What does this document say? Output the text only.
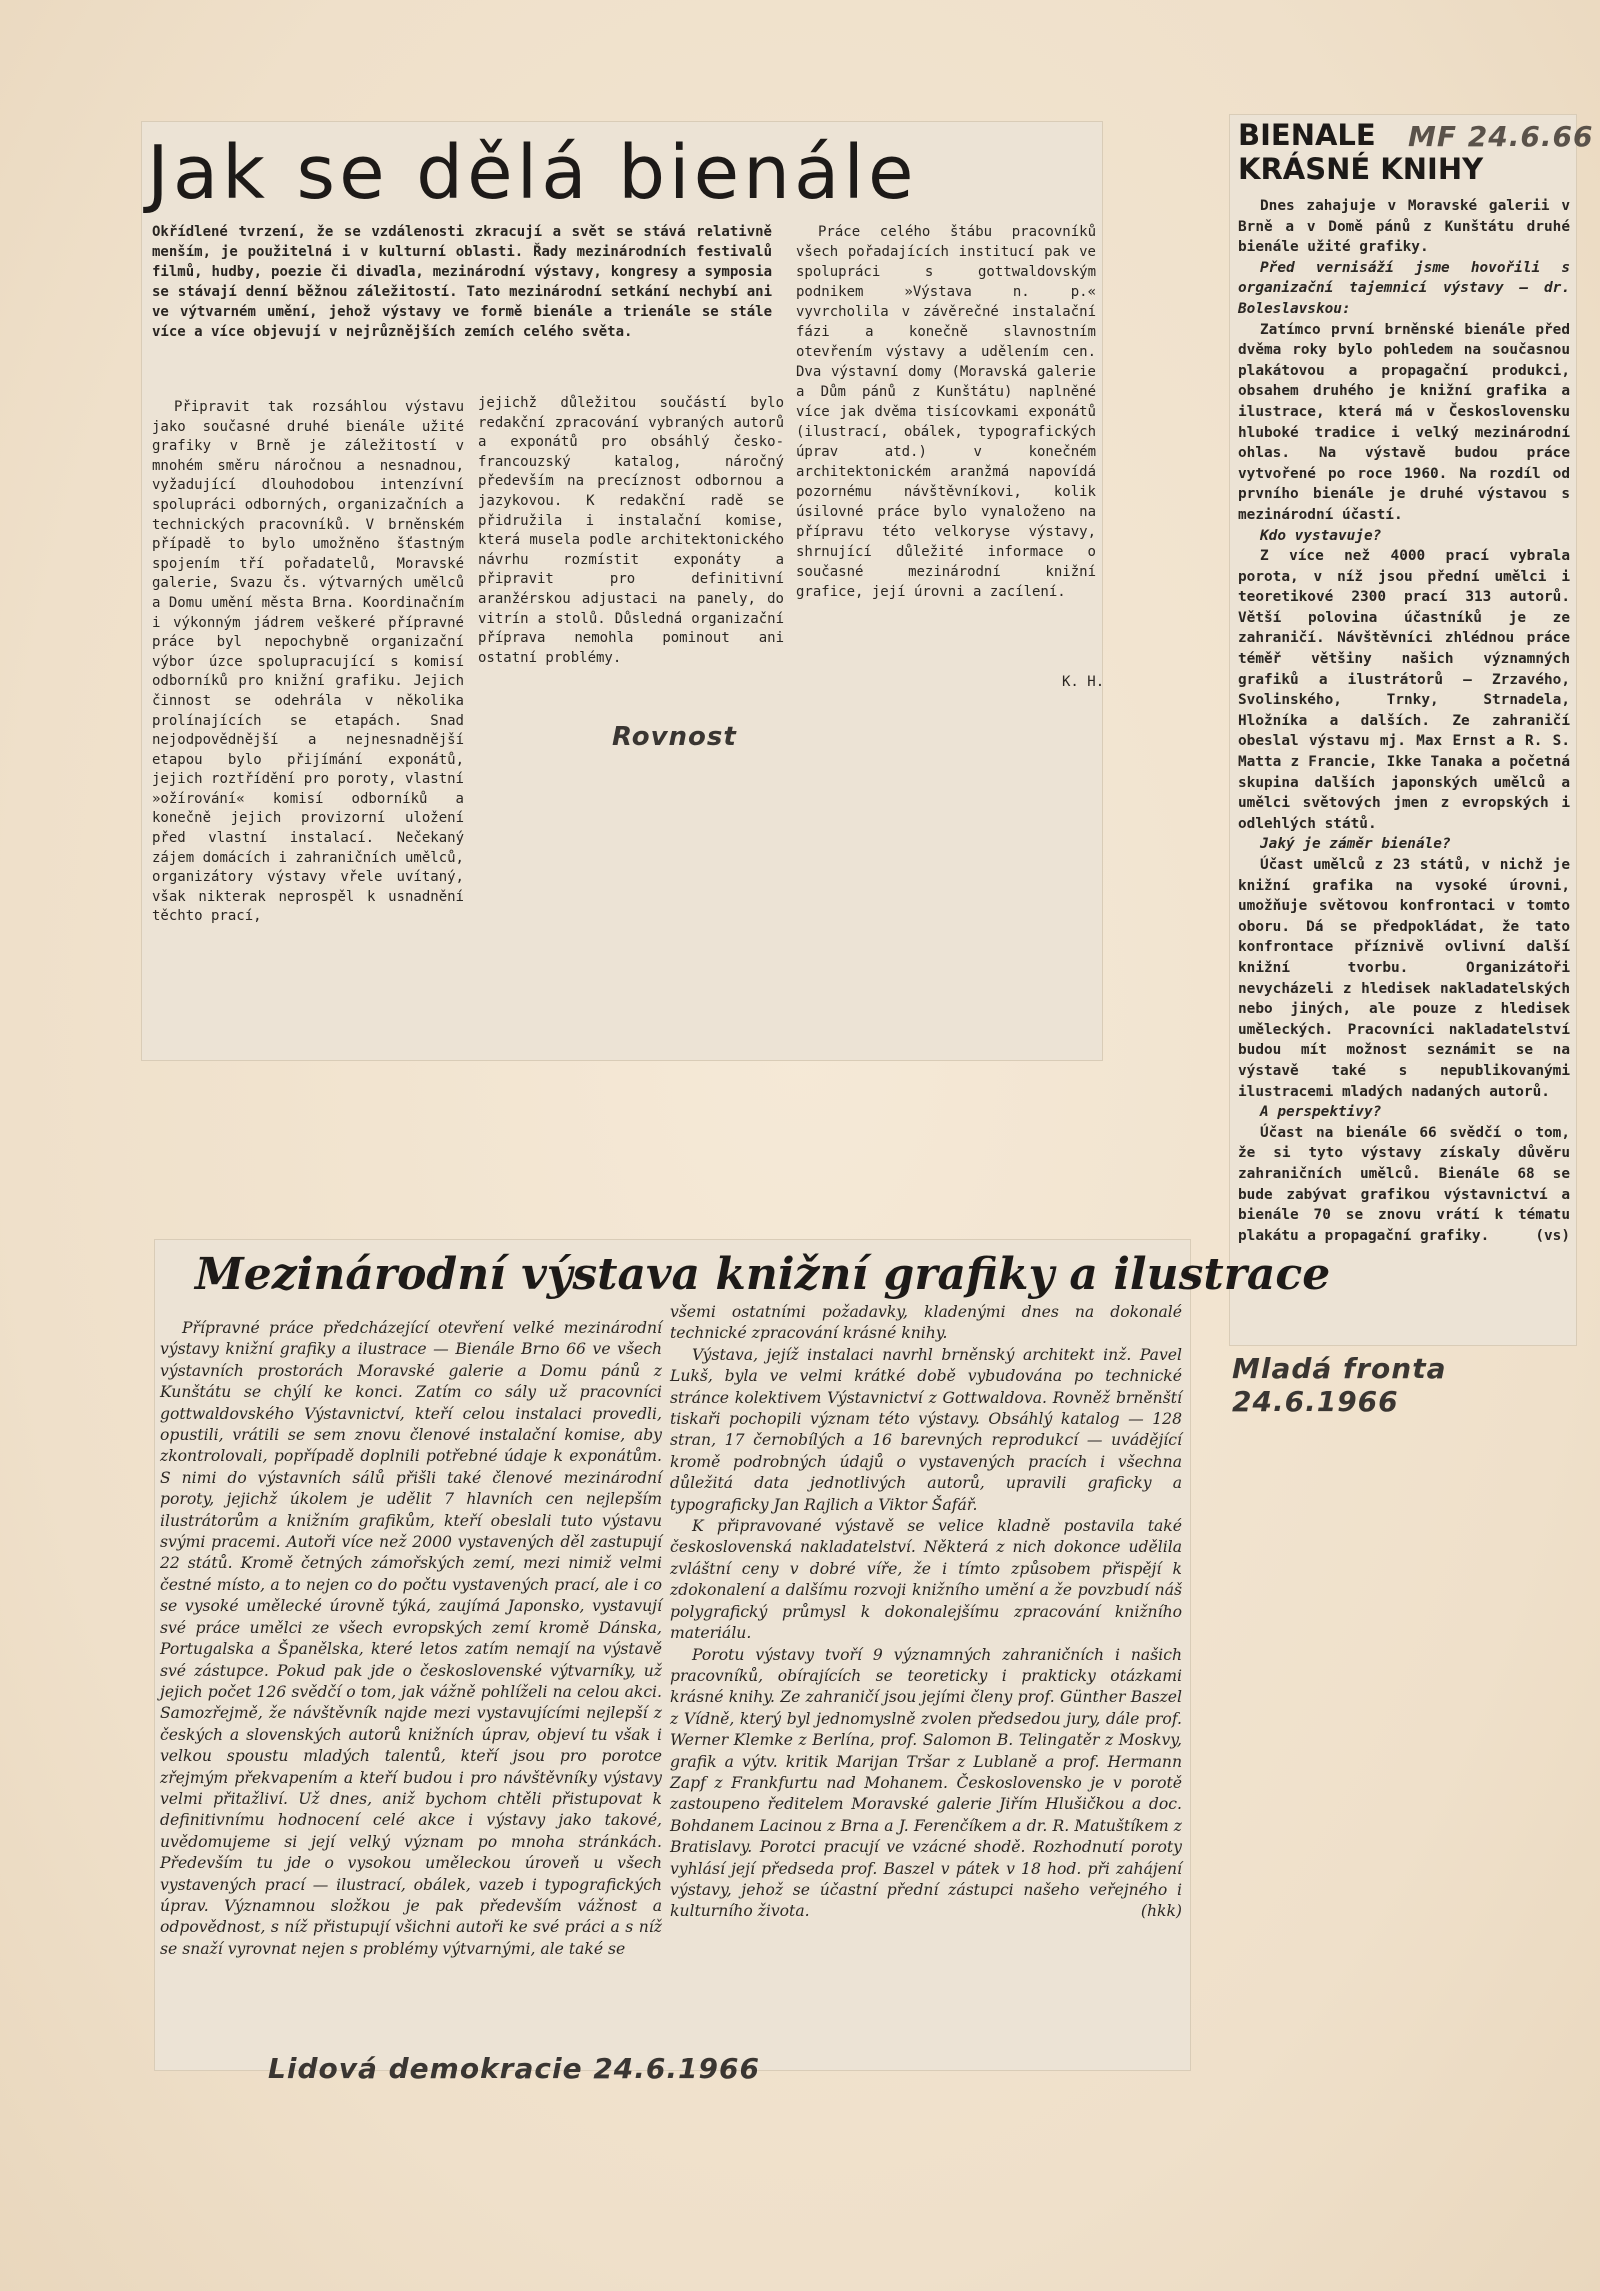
Jak se dělá bienále

Okřídlené tvrzení, že se vzdálenosti zkracují a svět se stává relativně menším, je použitelná i v kulturní oblasti. Řady mezinárodních festivalů filmů, hudby, poezie či divadla, mezinárodní výstavy, kongresy a symposia se stávají denní běžnou záležitostí. Tato mezinárodní setkání nechybí ani ve výtvarném umění, jehož výstavy ve formě bienále a trienále se stále více a více objevují v nejrůznějších zemích celého světa.

Připravit tak rozsáhlou výstavu jako současné druhé bienále užité grafiky v Brně je záležitostí v mnohém směru náročnou a nesnadnou, vyžadující dlouhodobou intenzívní spolupráci odborných, organizačních a technických pracovníků. V brněnském případě to bylo umožněno šťastným spojením tří pořadatelů, Moravské galerie, Svazu čs. výtvarných umělců a Domu umění města Brna. Koordinačním i výkonným jádrem veškeré přípravné práce byl nepochybně organizační výbor úzce spolupracující s komisí odborníků pro knižní grafiku. Jejich činnost se odehrála v několika prolínajících se etapách. Snad nejodpovědnější a nejnesnadnější etapou bylo přijímání exponátů, jejich roztřídění pro poroty, vlastní »ožírování« komisí odborníků a konečně jejich provizorní uložení před vlastní instalací. Nečekaný zájem domácích i zahraničních umělců, organizátory výstavy vřele uvítaný, však nikterak neprospěl k usnadnění těchto prací,

jejichž důležitou součástí bylo redakční zpracování vybraných autorů a exponátů pro obsáhlý česko-francouzský katalog, náročný především na precíznost odbornou a jazykovou. K redakční radě se přidružila i instalační komise, která musela podle architektonického návrhu rozmístit exponáty a připravit pro definitivní aranžérskou adjustaci na panely, do vitrín a stolů. Důsledná organizační příprava nemohla pominout ani ostatní problémy.

Práce celého štábu pracovníků všech pořadajících institucí pak ve spolupráci s gottwaldovským podnikem »Výstava n. p.« vyvrcholila v závěrečné instalační fázi a konečně slavnostním otevřením výstavy a udělením cen. Dva výstavní domy (Moravská galerie a Dům pánů z Kunštátu) naplněné více jak dvěma tisícovkami exponátů (ilustrací, obálek, typografických úprav atd.) v konečném architektonickém aranžmá napovídá pozornému návštěvníkovi, kolik úsilovné práce bylo vynaloženo na přípravu této velkoryse výstavy, shrnující důležité informace o současné mezinárodní knižní grafice, její úrovni a zacílení.

K. H.
Rovnost
BIENALE
KRÁSNÉ KNIHY
MF 24.6.66

Dnes zahajuje v Moravské galerii v Brně a v Domě pánů z Kunštátu druhé bienále užité grafiky.

Před vernisáží jsme hovořili s organizační tajemnicí výstavy — dr. Boleslavskou:

Zatímco první brněnské bienále před dvěma roky bylo pohledem na současnou plakátovou a propagační produkci, obsahem druhého je knižní grafika a ilustrace, která má v Československu hluboké tradice i velký mezinárodní ohlas. Na výstavě budou práce vytvořené po roce 1960. Na rozdíl od prvního bienále je druhé výstavou s mezinárodní účastí.

Kdo vystavuje?

Z více než 4000 prací vybrala porota, v níž jsou přední umělci i teoretikové 2300 prací 313 autorů. Větší polovina účastníků je ze zahraničí. Návštěvníci zhlédnou práce téměř většiny našich významných grafiků a ilustrátorů — Zrzavého, Svolinského, Trnky, Strnadela, Hložníka a dalších. Ze zahraničí obeslal výstavu mj. Max Ernst a R. S. Matta z Francie, Ikke Tanaka a početná skupina dalších japonských umělců a umělci světových jmen z evropských i odlehlých států.

Jaký je záměr bienále?

Účast umělců z 23 států, v nichž je knižní grafika na vysoké úrovni, umožňuje světovou konfrontaci v tomto oboru. Dá se předpokládat, že tato konfrontace příznivě ovlivní další knižní tvorbu. Organizátoři nevycházeli z hledisek nakladatelských nebo jiných, ale pouze z hledisek uměleckých. Pracovníci nakladatelství budou mít možnost seznámit se na výstavě také s nepublikovanými ilustracemi mladých nadaných autorů.

A perspektivy?

Účast na bienále 66 svědčí o tom, že si tyto výstavy získaly důvěru zahraničních umělců. Bienále 68 se bude zabývat grafikou výstavnictví a bienále 70 se znovu vrátí k tématu plakátu a propagační grafiky.	(vs)

Mladá fronta 24.6.1966
Mezinárodní výstava knižní grafiky a ilustrace

Přípravné práce předcházející otevření velké mezinárodní výstavy knižní grafiky a ilustrace — Bienále Brno 66 ve všech výstavních prostorách Moravské galerie a Domu pánů z Kunštátu se chýlí ke konci. Zatím co sály už pracovníci gottwaldovského Výstavnictví, kteří celou instalaci provedli, opustili, vrátili se sem znovu členové instalační komise, aby zkontrolovali, popřípadě doplnili potřebné údaje k exponátům. S nimi do výstavních sálů přišli také členové mezinárodní poroty, jejichž úkolem je udělit 7 hlavních cen nejlepším ilustrátorům a knižním grafikům, kteří obeslali tuto výstavu svými pracemi. Autoři více než 2000 vystavených děl zastupují 22 států. Kromě četných zámořských zemí, mezi nimiž velmi čestné místo, a to nejen co do počtu vystavených prací, ale i co se vysoké umělecké úrovně týká, zaujímá Japonsko, vystavují své práce umělci ze všech evropských zemí kromě Dánska, Portugalska a Španělska, které letos zatím nemají na výstavě své zástupce. Pokud pak jde o československé výtvarníky, už jejich počet 126 svědčí o tom, jak vážně pohlíželi na celou akci. Samozřejmě, že návštěvník najde mezi vystavujícími nejlepší z českých a slovenských autorů knižních úprav, objeví tu však i velkou spoustu mladých talentů, kteří jsou pro porotce zřejmým překvapením a kteří budou i pro návštěvníky výstavy velmi přitažliví. Už dnes, aniž bychom chtěli přistupovat k definitivnímu hodnocení celé akce i výstavy jako takové, uvědomujeme si její velký význam po mnoha stránkách. Především tu jde o vysokou uměleckou úroveň u všech vystavených prací — ilustrací, obálek, vazeb i typografických úprav. Významnou složkou je pak především vážnost a odpovědnost, s níž přistupují všichni autoři ke své práci a s níž se snaží vyrovnat nejen s problémy výtvarnými, ale také se

všemi ostatními požadavky, kladenými dnes na dokonalé technické zpracování krásné knihy.

Výstava, jejíž instalaci navrhl brněnský architekt inž. Pavel Lukš, byla ve velmi krátké době vybudována po technické stránce kolektivem Výstavnictví z Gottwaldova. Rovněž brněnští tiskaři pochopili význam této výstavy. Obsáhlý katalog — 128 stran, 17 černobílých a 16 barevných reprodukcí — uvádějící kromě podrobných údajů o vystavených pracích i všechna důležitá data jednotlivých autorů, upravili graficky a typograficky Jan Rajlich a Viktor Šafář.

K připravované výstavě se velice kladně postavila také československá nakladatelství. Některá z nich dokonce udělila zvláštní ceny v dobré víře, že i tímto způsobem přispějí k zdokonalení a dalšímu rozvoji knižního umění a že povzbudí náš polygrafický průmysl k dokonalejšímu zpracování knižního materiálu.

Porotu výstavy tvoří 9 významných zahraničních i našich pracovníků, obírajících se teoreticky i prakticky otázkami krásné knihy. Ze zahraničí jsou jejími členy prof. Günther Baszel z Vídně, který byl jednomyslně zvolen předsedou jury, dále prof. Werner Klemke z Berlína, prof. Salomon B. Telingatěr z Moskvy, grafik a výtv. kritik Marijan Tršar z Lublaně a prof. Hermann Zapf z Frankfurtu nad Mohanem. Československo je v porotě zastoupeno ředitelem Moravské galerie Jiřím Hlušičkou a doc. Bohdanem Lacinou z Brna a J. Ferenčíkem a dr. R. Matuštíkem z Bratislavy. Porotci pracují ve vzácné shodě. Rozhodnutí poroty vyhlásí její předseda prof. Baszel v pátek v 18 hod. při zahájení výstavy, jehož se účastní přední zástupci našeho veřejného i kulturního života.	(hkk)

Lidová demokracie 24.6.1966
